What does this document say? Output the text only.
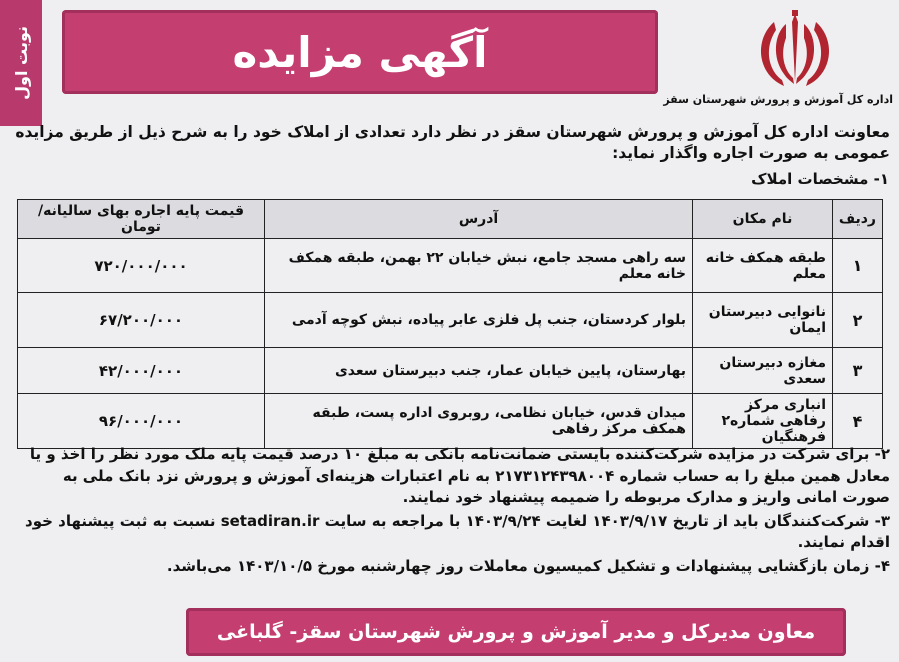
نوبت اول	آگهی مزایده
اداره کل آموزش و پرورش شهرستان سقز
معاونت اداره کل آموزش و پرورش شهرستان سقز در نظر دارد تعدادی از املاک خود را به شرح ذیل از طریق مزایده عمومی به صورت اجاره واگذار نماید:
۱- مشخصات املاک
ردیف	نام مکان	آدرس	قیمت پایه اجاره بهای سالیانه/ تومان
۱	طبقه همکف خانه معلم	سه راهی مسجد جامع، نبش خیابان ۲۲ بهمن، طبقه همکف خانه معلم	۷۲۰/۰۰۰/۰۰۰
۲	نانوایی دبیرستان ایمان	بلوار کردستان، جنب پل فلزی عابر پیاده، نبش کوچه آدمی	۶۷/۲۰۰/۰۰۰
۳	مغازه دبیرستان سعدی	بهارستان، پایین خیابان عمار، جنب دبیرستان سعدی	۴۲/۰۰۰/۰۰۰
۴	انباری مرکز رفاهی شماره۲ فرهنگیان	میدان قدس، خیابان نظامی، روبروی اداره پست، طبقه همکف مرکز رفاهی	۹۶/۰۰۰/۰۰۰

۲- برای شرکت در مزایده شرکت‌کننده بایستی ضمانت‌نامه بانکی به مبلغ ۱۰ درصد قیمت پایه ملک مورد نظر را اخذ و یا معادل همین مبلغ را به حساب شماره ۲۱۷۳۱۲۴۳۹۸۰۰۴ به نام اعتبارات هزینه‌ای آموزش و پرورش نزد بانک ملی به صورت امانی واریز و مدارک مربوطه را ضمیمه پیشنهاد خود نمایند.

۳- شرکت‌کنندگان باید از تاریخ ۱۴۰۳/۹/۱۷ لغایت ۱۴۰۳/۹/۲۴ با مراجعه به سایت setadiran.ir نسبت به ثبت پیشنهاد خود اقدام نمایند.

۴- زمان بازگشایی پیشنهادات و تشکیل کمیسیون معاملات روز چهارشنبه مورخ ۱۴۰۳/۱۰/۵ می‌باشد.

معاون مدیرکل و مدیر آموزش و پرورش شهرستان سقز- گلباغی
